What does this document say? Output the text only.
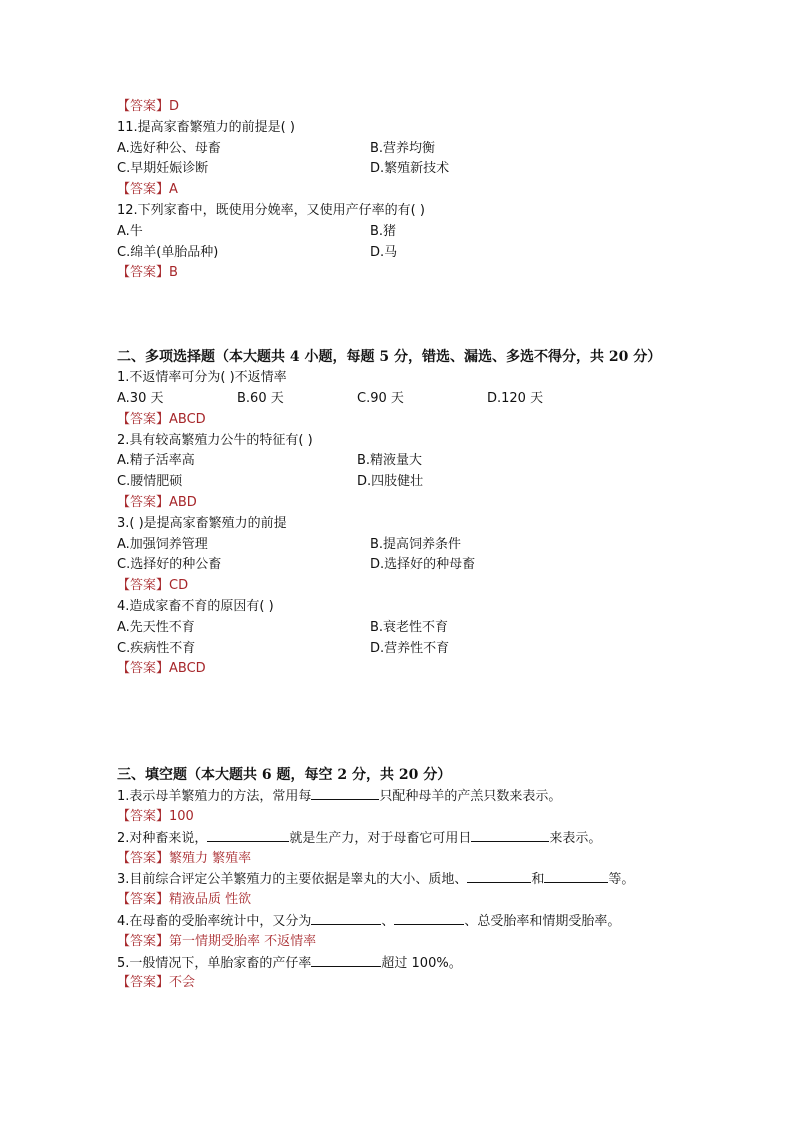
【答案】D
11.提高家畜繁殖力的前提是( )
A.选好种公、母畜	B.营养均衡
C.早期妊娠诊断	D.繁殖新技术
【答案】A
12.下列家畜中，既使用分娩率，又使用产仔率的有( )
A.牛	B.猪
C.绵羊(单胎品种)	D.马
【答案】B
二、多项选择题（本大题共 4 小题，每题 5 分，错选、漏选、多选不得分，共 20 分）
1.不返情率可分为( )不返情率
A.30 天	B.60 天	C.90 天	D.120 天
【答案】ABCD
2.具有较高繁殖力公牛的特征有( )
A.精子活率高	B.精液量大
C.腰情肥硕	D.四肢健壮
【答案】ABD
3.( )是提高家畜繁殖力的前提
A.加强饲养管理	B.提高饲养条件
C.选择好的种公畜	D.选择好的种母畜
【答案】CD
4.造成家畜不育的原因有( )
A.先天性不育	B.衰老性不育
C.疾病性不育	D.营养性不育
【答案】ABCD
三、填空题（本大题共 6 题，每空 2 分，共 20 分）
1.表示母羊繁殖力的方法，常用每	只配种母羊的产羔只数来表示。
【答案】100
2.对种畜来说，	就是生产力，对于母畜它可用日	来表示。
【答案】繁殖力 繁殖率
3.目前综合评定公羊繁殖力的主要依据是睾丸的大小、质地、	和	等。
【答案】精液品质 性欲
4.在母畜的受胎率统计中，又分为	、	、总受胎率和情期受胎率。
【答案】第一情期受胎率 不返情率
5.一般情况下，单胎家畜的产仔率	超过 100%。
【答案】不会
